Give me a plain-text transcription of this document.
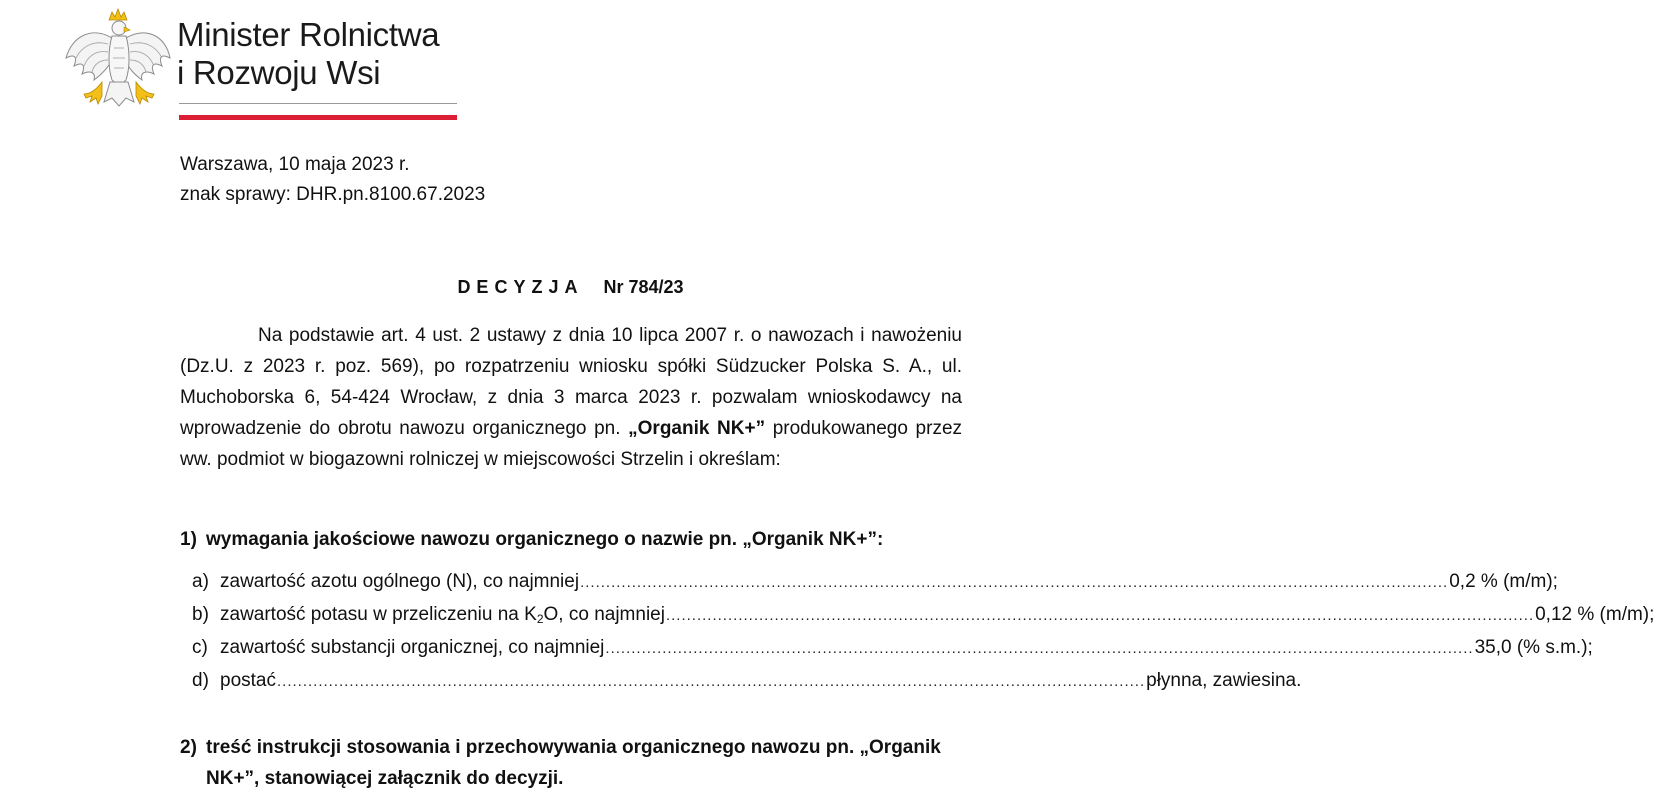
Minister Rolnictwa
i Rozwoju Wsi
Warszawa, 10 maja 2023 r.
znak sprawy: DHR.pn.8100.67.2023
DECYZJA Nr 784/23

Na podstawie art. 4 ust. 2 ustawy z dnia 10 lipca 2007 r. o nawozach i nawożeniu (Dz.U. z 2023 r. poz. 569), po rozpatrzeniu wniosku spółki Südzucker Polska S. A., ul. Muchoborska 6, 54-424 Wrocław, z dnia 3 marca 2023 r. pozwalam wnioskodawcy na wprowadzenie do obrotu nawozu organicznego pn. „Organik NK+” produkowanego przez ww. podmiot w biogazowni rolniczej w miejscowości Strzelin i określam:

1) wymagania jakościowe nawozu organicznego o nazwie pn. „Organik NK+”:
a) zawartość azotu ogólnego (N), co najmniej ........................................................................................................................................................................ 0,2 % (m/m);
b) zawartość potasu w przeliczeniu na $K_2O$, co najmniej ........................................................................................................................................................................ 0,12 % (m/m);
c) zawartość substancji organicznej, co najmniej ........................................................................................................................................................................ 35,0 (% s.m.);
d) postać ........................................................................................................................................................................ płynna, zawiesina.
2) treść instrukcji stosowania i przechowywania organicznego nawozu pn. „Organik
NK+”, stanowiącej załącznik do decyzji.
